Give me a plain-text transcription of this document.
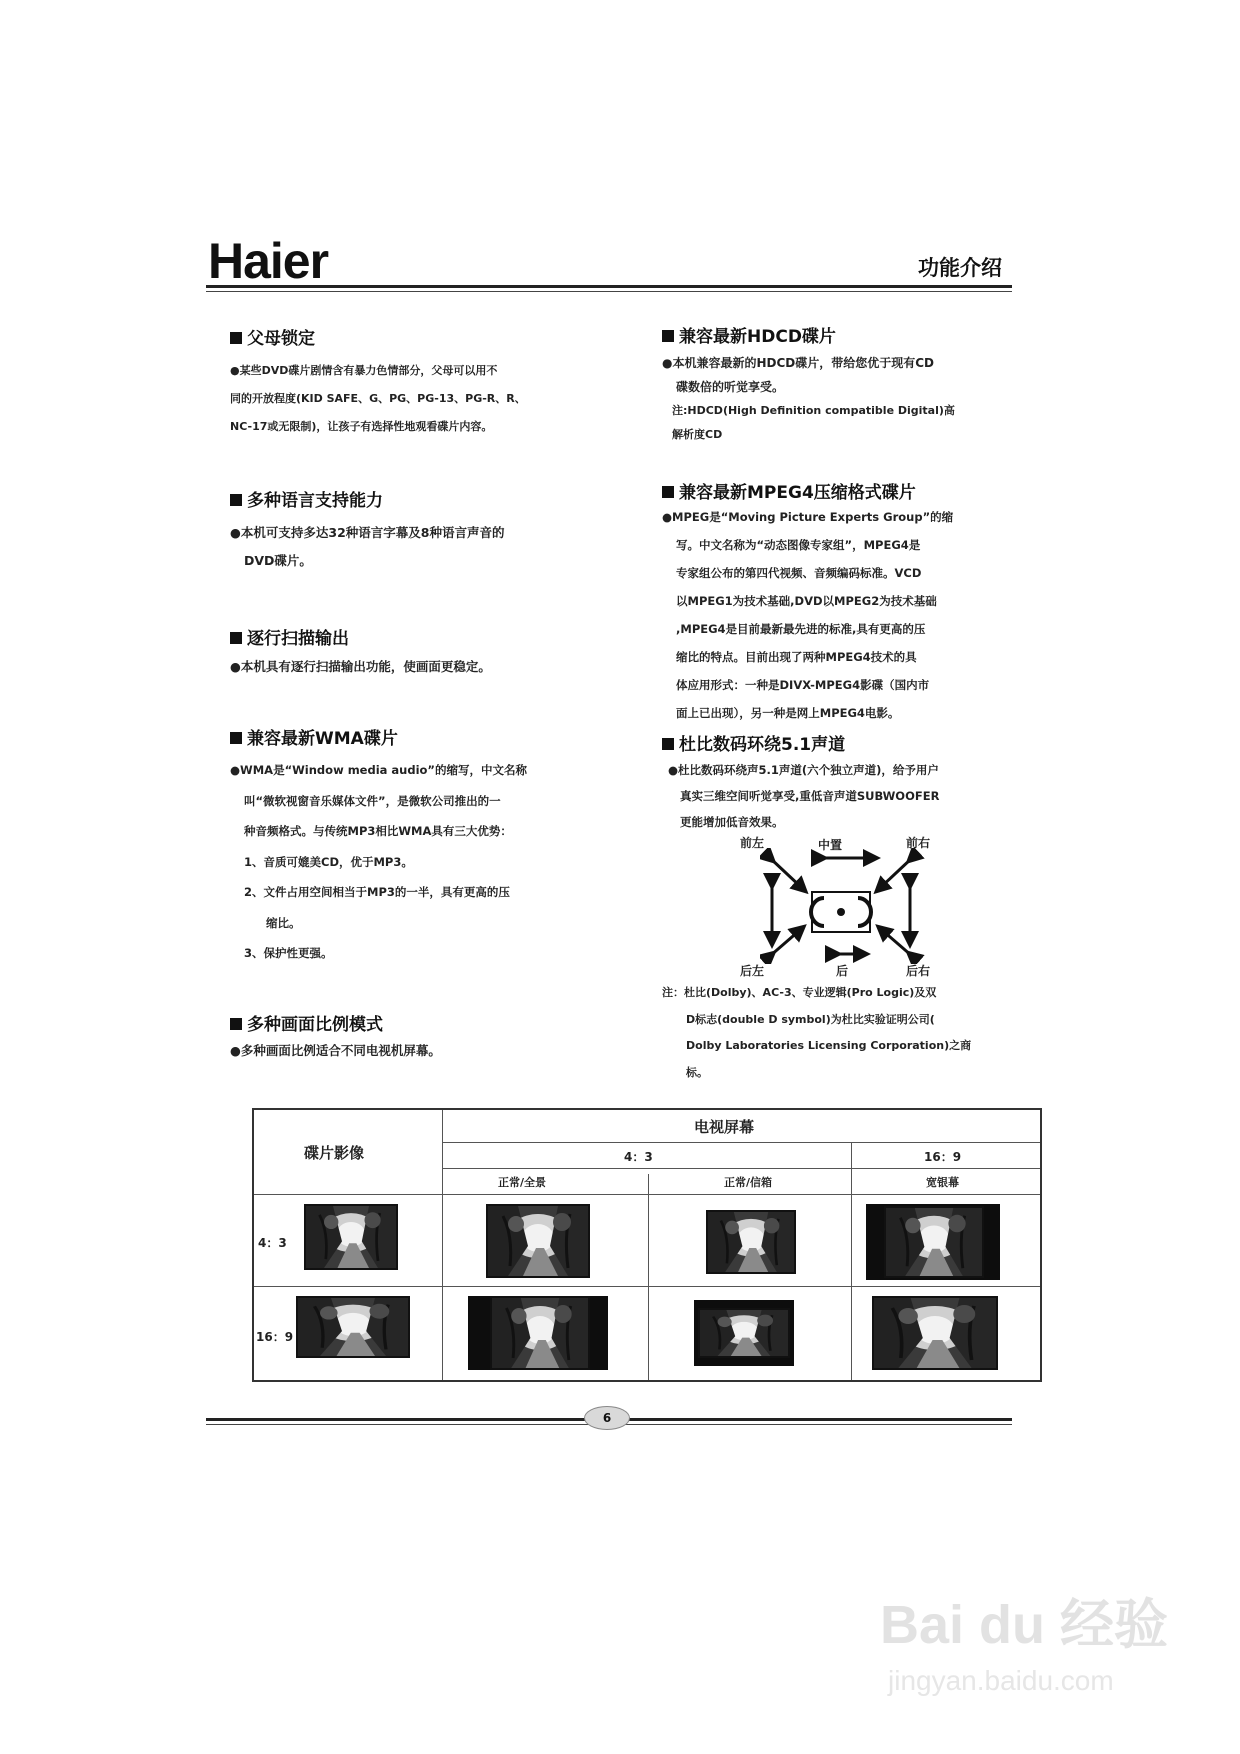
Haier	功能介绍
父母锁定
●某些DVD碟片剧情含有暴力色情部分，父母可以用不
同的开放程度(KID SAFE、G、PG、PG-13、PG-R、R、
NC-17或无限制)，让孩子有选择性地观看碟片内容。
多种语言支持能力
●本机可支持多达32种语言字幕及8种语言声音的
DVD碟片。
逐行扫描输出
●本机具有逐行扫描输出功能，使画面更稳定。
兼容最新WMA碟片
●WMA是“Window media audio”的缩写，中文名称
叫“微软视窗音乐媒体文件”，是微软公司推出的一
种音频格式。与传统MP3相比WMA具有三大优势：
1、音质可媲美CD，优于MP3。
2、文件占用空间相当于MP3的一半，具有更高的压
缩比。
3、保护性更强。
多种画面比例模式
●多种画面比例适合不同电视机屏幕。
兼容最新HDCD碟片
●本机兼容最新的HDCD碟片，带给您优于现有CD
碟数倍的听觉享受。
注:HDCD(High Definition compatible Digital)高
解析度CD
兼容最新MPEG4压缩格式碟片
●MPEG是“Moving Picture Experts Group”的缩
写。中文名称为“动态图像专家组”，MPEG4是
专家组公布的第四代视频、音频编码标准。VCD
以MPEG1为技术基础,DVD以MPEG2为技术基础
,MPEG4是目前最新最先进的标准,具有更高的压
缩比的特点。目前出现了两种MPEG4技术的具
体应用形式：一种是DIVX-MPEG4影碟（国内市
面上已出现），另一种是网上MPEG4电影。
杜比数码环绕5.1声道
●杜比数码环绕声5.1声道(六个独立声道)，给予用户
真实三维空间听觉享受,重低音声道SUBWOOFER
更能增加低音效果。
前左	中置	前右
后左	后	后右
注：杜比(Dolby)、AC-3、专业逻辑(Pro Logic)及双
D标志(double D symbol)为杜比实验证明公司(
Dolby Laboratories Licensing Corporation)之商
标。
碟片影像
电视屏幕
4：3	16：9
正常/全景	正常/信箱	宽银幕
4：3
16：9
6
Bai du 经验
jingyan.baidu.com
